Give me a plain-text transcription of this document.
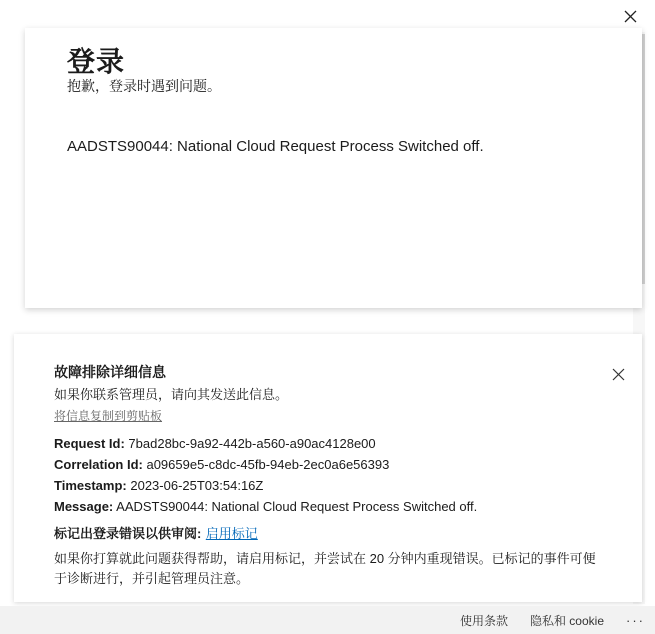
登录
抱歉，登录时遇到问题。
AADSTS90044: National Cloud Request Process Switched off.
故障排除详细信息
如果你联系管理员，请向其发送此信息。
将信息复制到剪贴板
Request Id: 7bad28bc-9a92-442b-a560-a90ac4128e00
Correlation Id: a09659e5-c8dc-45fb-94eb-2ec0a6e56393
Timestamp: 2023-06-25T03:54:16Z
Message: AADSTS90044: National Cloud Request Process Switched off.
标记出登录错误以供审阅: 启用标记
如果你打算就此问题获得帮助，请启用标记，并尝试在 20 分钟内重现错误。已标记的事件可便于诊断进行，并引起管理员注意。
使用条款 隐私和 cookie ···
